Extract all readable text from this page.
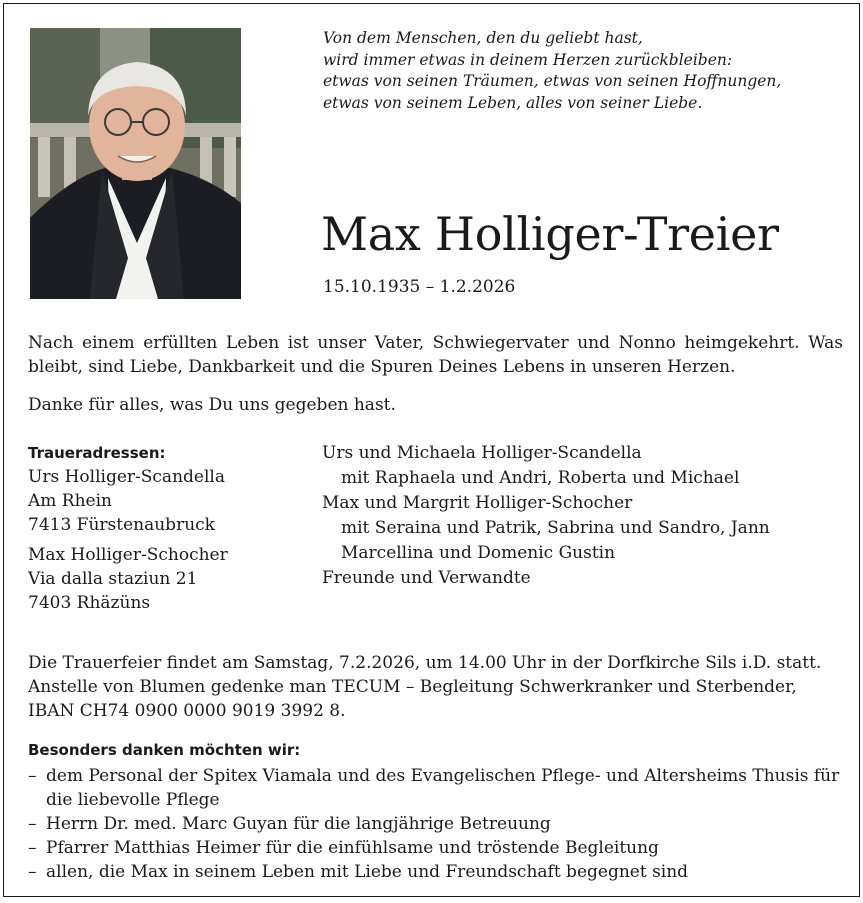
Von dem Menschen, den du geliebt hast,
wird immer etwas in deinem Herzen zurückbleiben:
etwas von seinen Träumen, etwas von seinen Hoffnungen,
etwas von seinem Leben, alles von seiner Liebe.
Max Holliger-Treier
15.10.1935 – 1.2.2026

Nach einem erfüllten Leben ist unser Vater, Schwiegervater und Nonno heimgekehrt. Was bleibt, sind Liebe, Dankbarkeit und die Spuren Deines Lebens in unseren Herzen.

Danke für alles, was Du uns gegeben hast.

Traueradressen:
Urs Holliger-Scandella
Am Rhein
7413 Fürstenaubruck
Max Holliger-Schocher
Via dalla staziun 21
7403 Rhäzüns
Urs und Michaela Holliger-Scandella
mit Raphaela und Andri, Roberta und Michael
Max und Margrit Holliger-Schocher
mit Seraina und Patrik, Sabrina und Sandro, Jann
Marcellina und Domenic Gustin
Freunde und Verwandte
Die Trauerfeier findet am Samstag, 7.2.2026, um 14.00 Uhr in der Dorfkirche Sils i.D. statt.
Anstelle von Blumen gedenke man TECUM – Begleitung Schwerkranker und Sterbender,
IBAN CH74 0900 0000 9019 3992 8.
Besonders danken möchten wir:
– dem Personal der Spitex Viamala und des Evangelischen Pflege- und Altersheims Thusis für die liebevolle Pflege
– Herrn Dr. med. Marc Guyan für die langjährige Betreuung
– Pfarrer Matthias Heimer für die einfühlsame und tröstende Begleitung
– allen, die Max in seinem Leben mit Liebe und Freundschaft begegnet sind
